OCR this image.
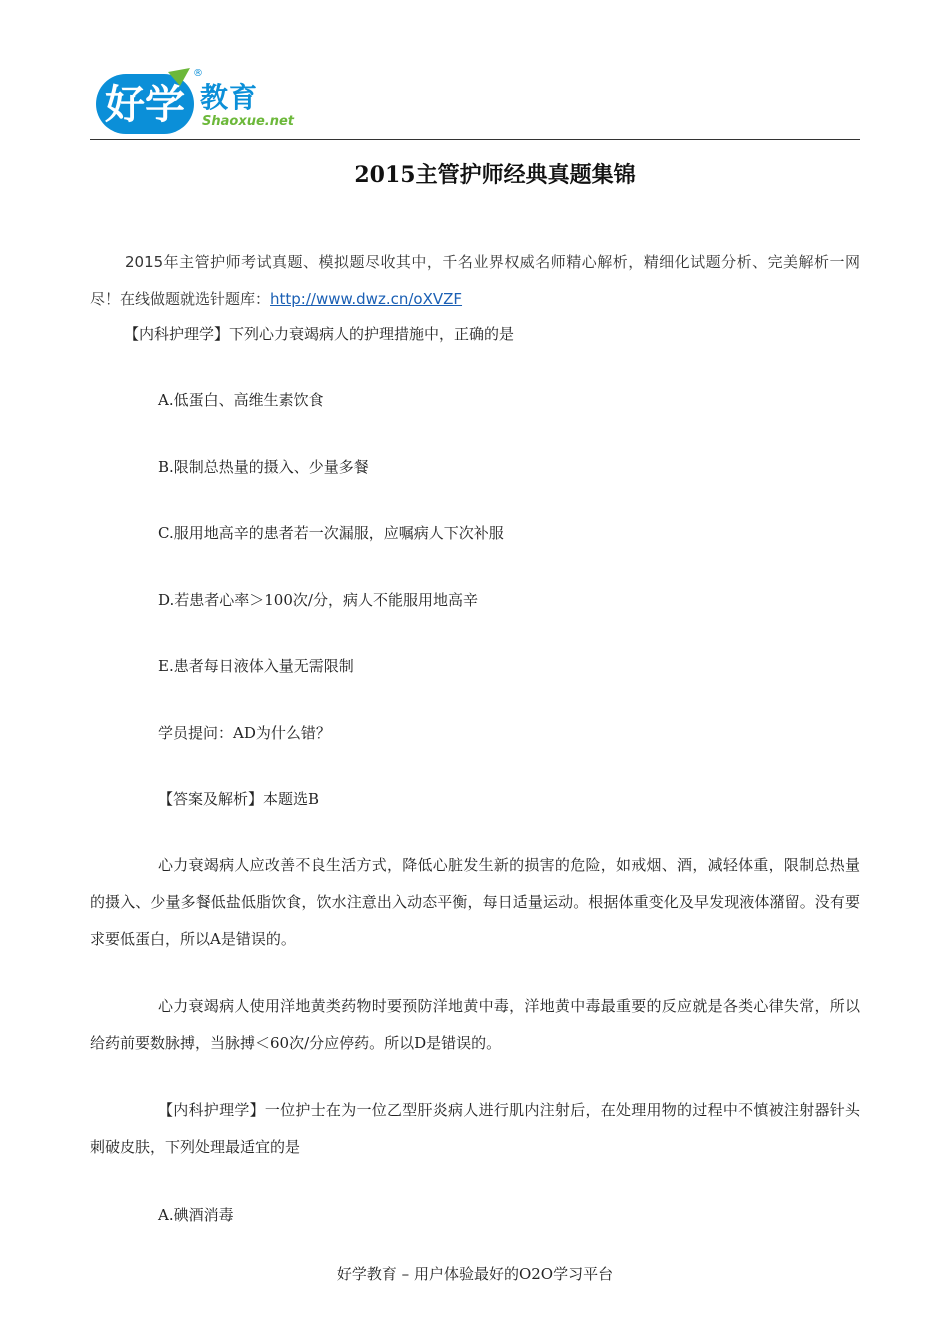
好学
®
教育
Shaoxue.net
2015主管护师经典真题集锦

2015年主管护师考试真题、模拟题尽收其中，千名业界权威名师精心解析，精细化试题分析、完美解析一网尽！在线做题就选针题库：http://www.dwz.cn/oXVZF

【内科护理学】下列心力衰竭病人的护理措施中，正确的是

A.低蛋白、高维生素饮食

B.限制总热量的摄入、少量多餐

C.服用地高辛的患者若一次漏服，应嘱病人下次补服

D.若患者心率＞100次/分，病人不能服用地高辛

E.患者每日液体入量无需限制

学员提问：AD为什么错？

【答案及解析】本题选B

心力衰竭病人应改善不良生活方式，降低心脏发生新的损害的危险，如戒烟、酒，减轻体重，限制总热量的摄入、少量多餐低盐低脂饮食，饮水注意出入动态平衡，每日适量运动。根据体重变化及早发现液体潴留。没有要求要低蛋白，所以A是错误的。

心力衰竭病人使用洋地黄类药物时要预防洋地黄中毒，洋地黄中毒最重要的反应就是各类心律失常，所以给药前要数脉搏，当脉搏＜60次/分应停药。所以D是错误的。

【内科护理学】一位护士在为一位乙型肝炎病人进行肌内注射后，在处理用物的过程中不慎被注射器针头刺破皮肤，下列处理最适宜的是

A.碘酒消毒

好学教育 – 用户体验最好的O2O学习平台
